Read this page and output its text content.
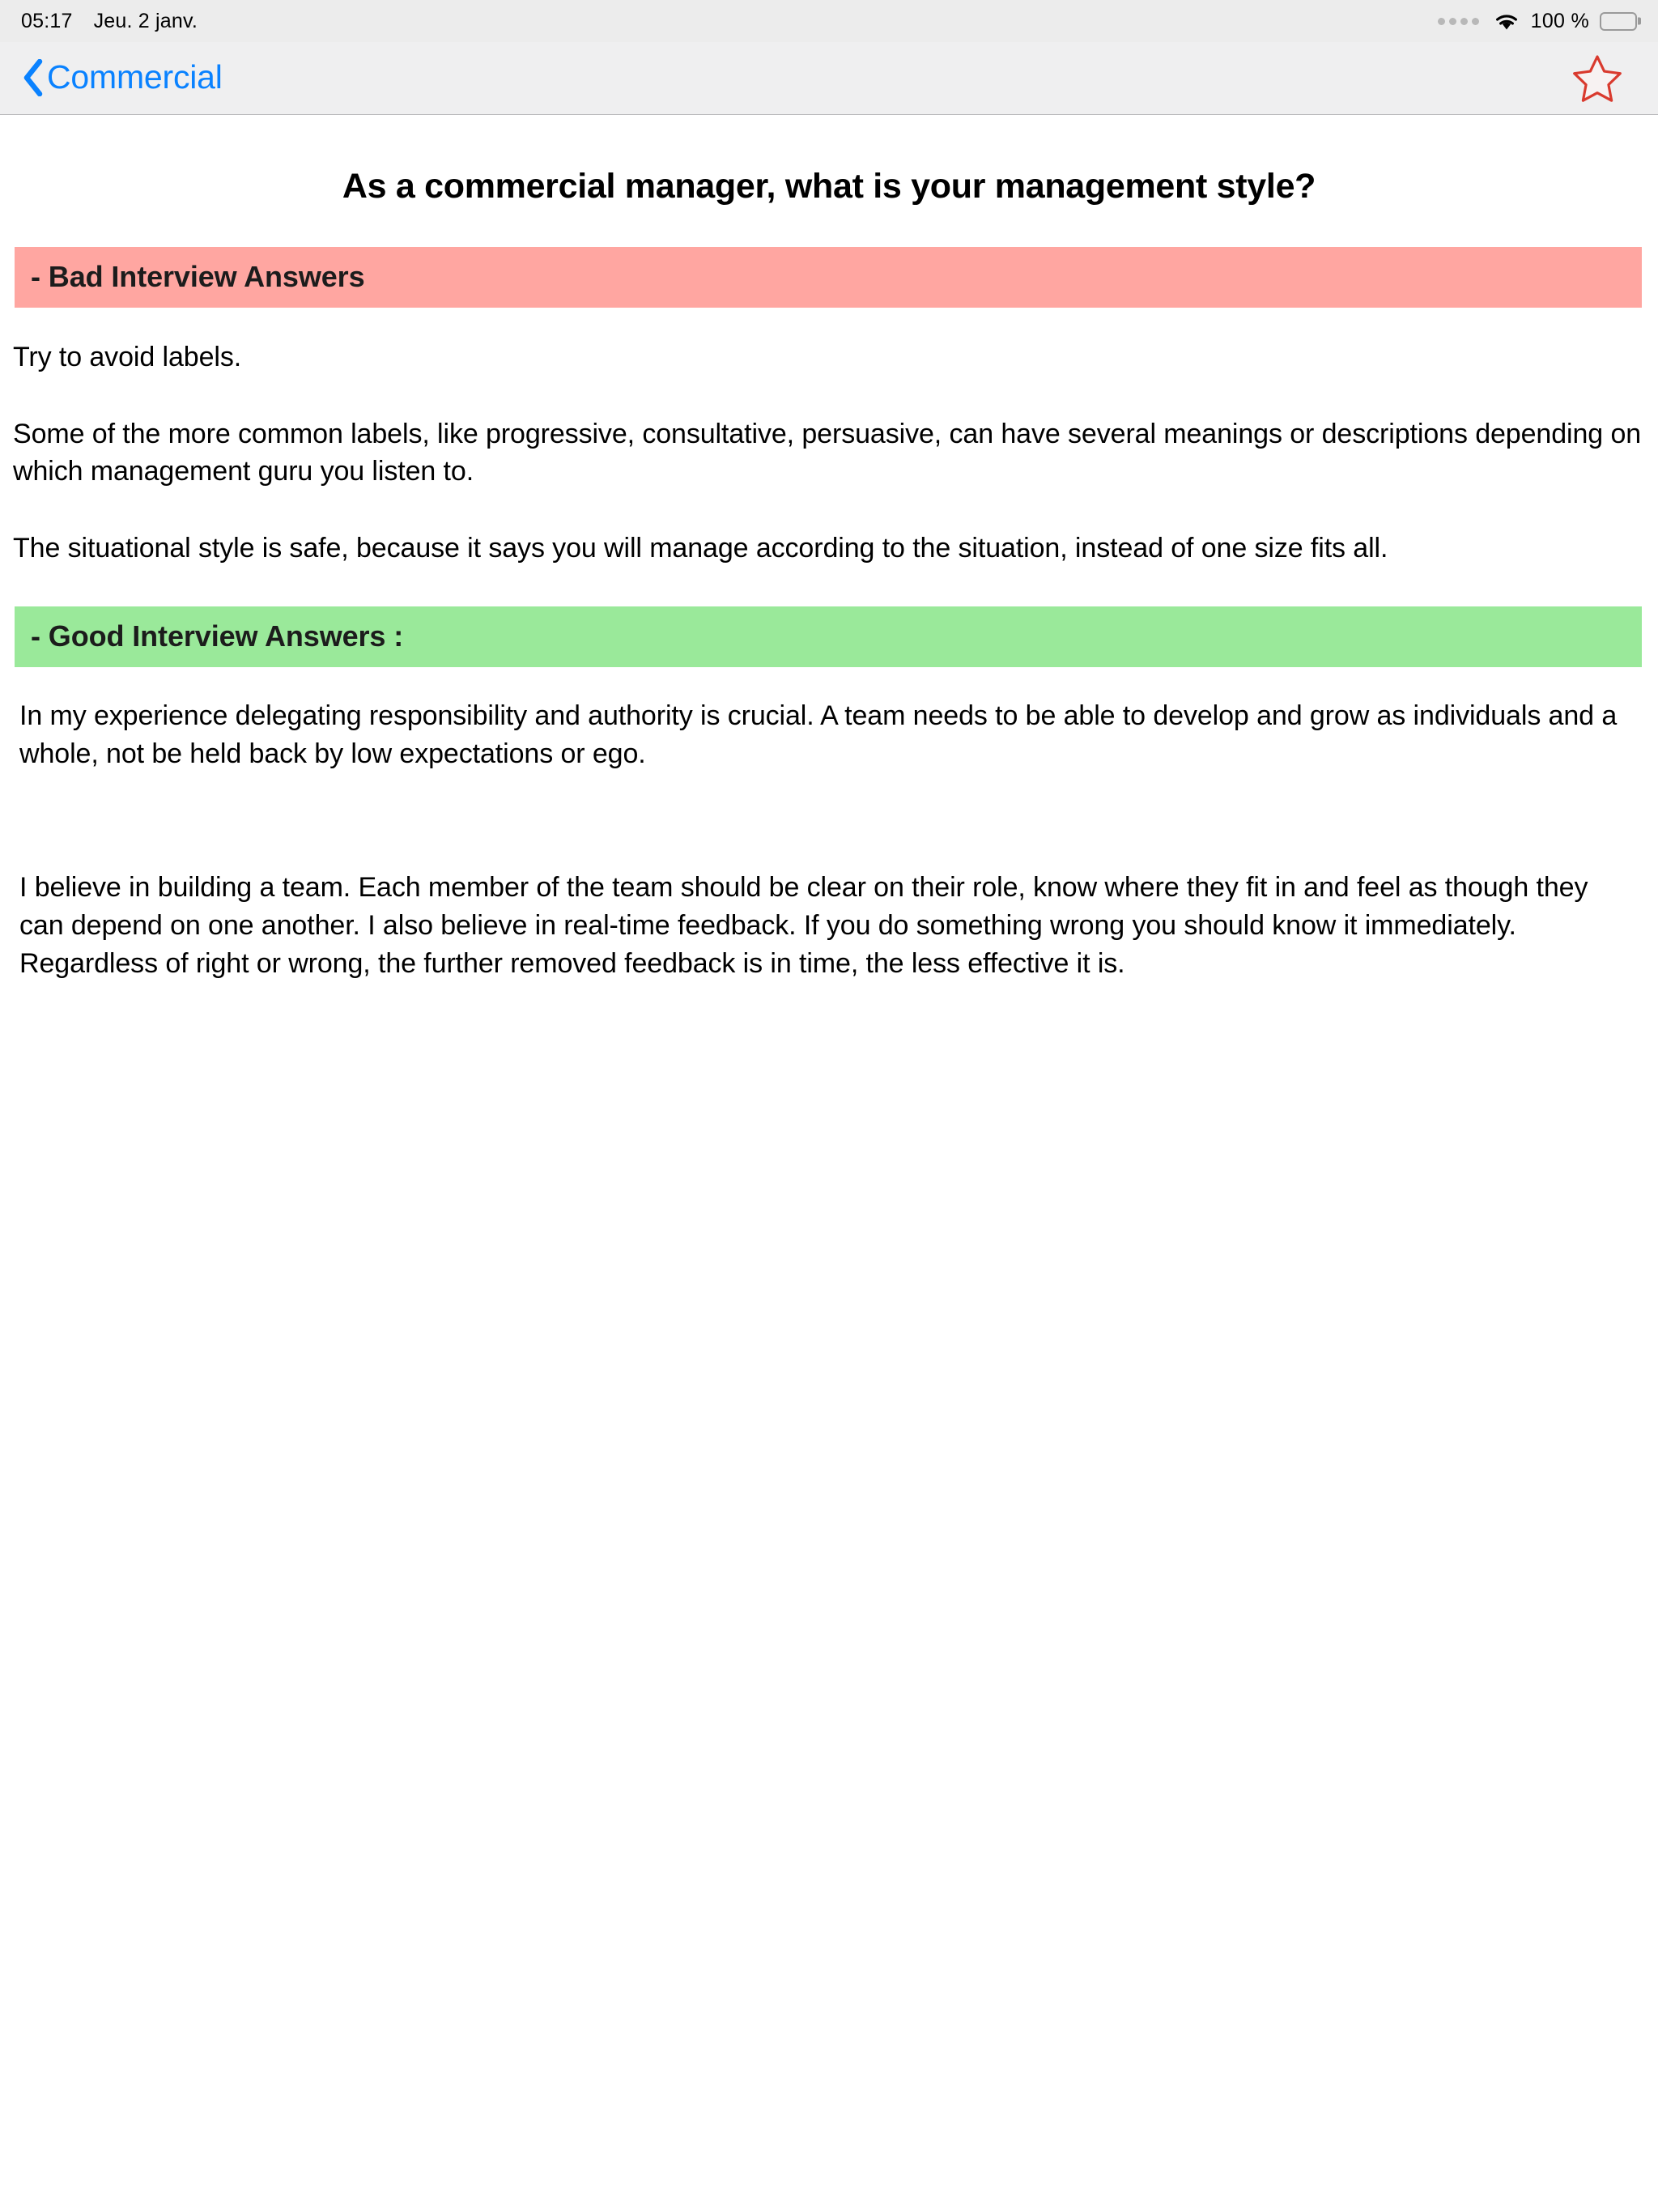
05:17 Jeu. 2 janv.	100 %
Commercial
As a commercial manager, what is your management style?
- Bad Interview Answers

Try to avoid labels.

Some of the more common labels, like progressive, consultative, persuasive, can have several meanings or descriptions depending on which management guru you listen to.

The situational style is safe, because it says you will manage according to the situation, instead of one size fits all.

- Good Interview Answers :

In my experience delegating responsibility and authority is crucial. A team needs to be able to develop and grow as individuals and a whole, not be held back by low expectations or ego.

I believe in building a team. Each member of the team should be clear on their role, know where they fit in and feel as though they can depend on one another. I also believe in real-time feedback. If you do something wrong you should know it immediately. Regardless of right or wrong, the further removed feedback is in time, the less effective it is.
